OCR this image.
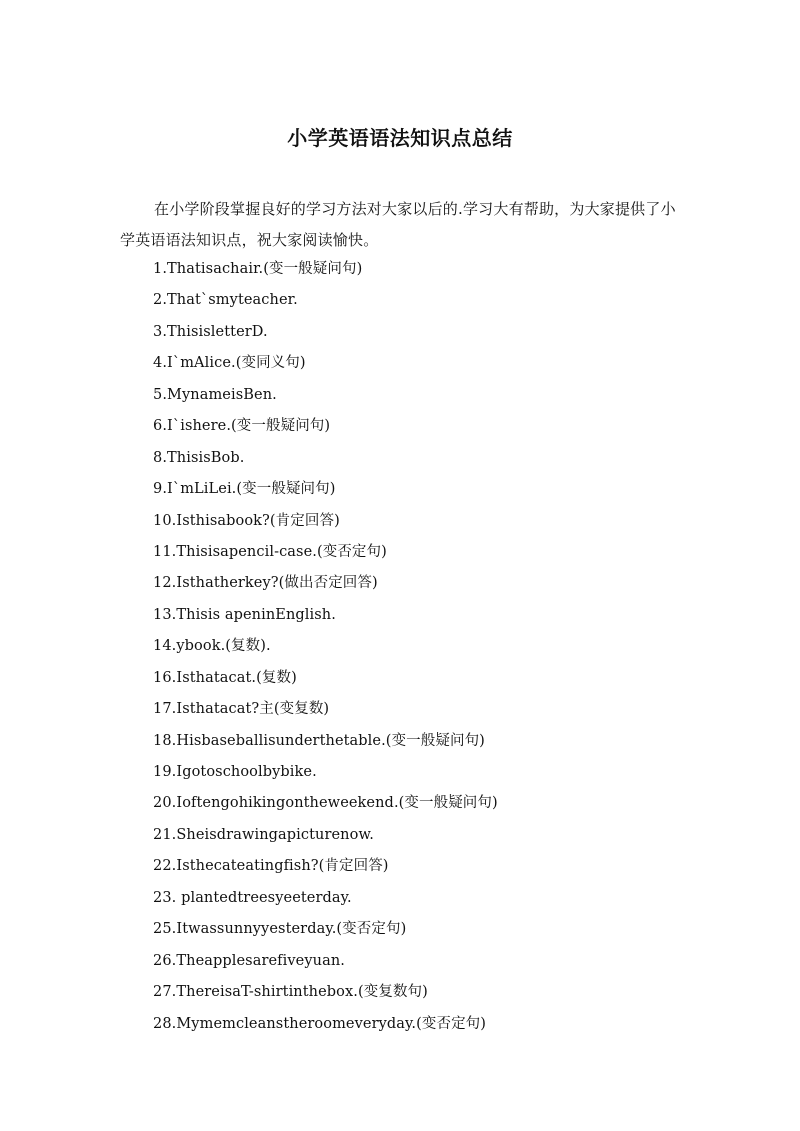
小学英语语法知识点总结

在小学阶段掌握良好的学习方法对大家以后的.学习大有帮助，为大家提供了小学英语语法知识点，祝大家阅读愉快。

1.Thatisachair.(变一般疑问句)
2.That`smyteacher.
3.ThisisletterD.
4.I`mAlice.(变同义句)
5.MynameisBen.
6.I`ishere.(变一般疑问句)
8.ThisisBob.
9.I`mLiLei.(变一般疑问句)
10.Isthisabook?(肯定回答)
11.Thisisapencil-case.(变否定句)
12.Isthatherkey?(做出否定回答)
13.Thisis apeninEnglish.
14.ybook.(复数).
16.Isthatacat.(复数)
17.Isthatacat?主(变复数)
18.Hisbaseballisunderthetable.(变一般疑问句)
19.Igotoschoolbybike.
20.Ioftengohikingontheweekend.(变一般疑问句)
21.Sheisdrawingapicturenow.
22.Isthecateatingfish?(肯定回答)
23. plantedtreesyeeterday.
25.Itwassunnyyesterday.(变否定句)
26.Theapplesarefiveyuan.
27.ThereisaT-shirtinthebox.(变复数句)
28.Mymemcleanstheroomeveryday.(变否定句)
